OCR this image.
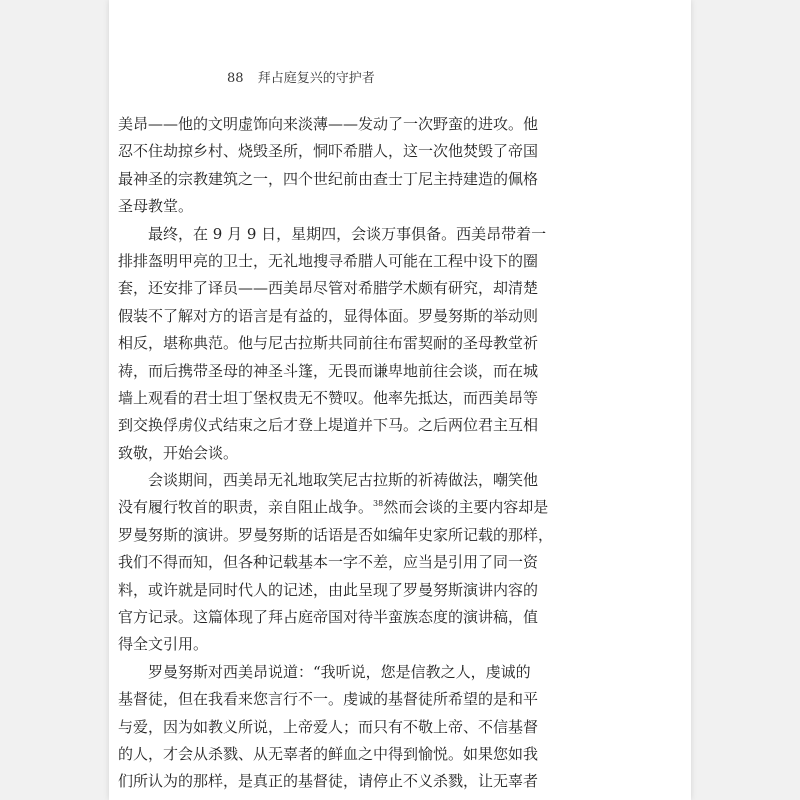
88 拜占庭复兴的守护者

美昂——他的文明虚饰向来淡薄——发动了一次野蛮的进攻。他
忍不住劫掠乡村、烧毁圣所，恫吓希腊人，这一次他焚毁了帝国
最神圣的宗教建筑之一，四个世纪前由查士丁尼主持建造的佩格
圣母教堂。

最终，在 9 月 9 日，星期四，会谈万事俱备。西美昂带着一
排排盔明甲亮的卫士，无礼地搜寻希腊人可能在工程中设下的圈
套，还安排了译员——西美昂尽管对希腊学术颇有研究，却清楚
假装不了解对方的语言是有益的，显得体面。罗曼努斯的举动则
相反，堪称典范。他与尼古拉斯共同前往布雷契耐的圣母教堂祈
祷，而后携带圣母的神圣斗篷，无畏而谦卑地前往会谈，而在城
墙上观看的君士坦丁堡权贵无不赞叹。他率先抵达，而西美昂等
到交换俘虏仪式结束之后才登上堤道并下马。之后两位君主互相
致敬，开始会谈。

会谈期间，西美昂无礼地取笑尼古拉斯的祈祷做法，嘲笑他
没有履行牧首的职责，亲自阻止战争。$^{38}$然而会谈的主要内容却是
罗曼努斯的演讲。罗曼努斯的话语是否如编年史家所记载的那样，
我们不得而知，但各种记载基本一字不差，应当是引用了同一资
料，或许就是同时代人的记述，由此呈现了罗曼努斯演讲内容的
官方记录。这篇体现了拜占庭帝国对待半蛮族态度的演讲稿，值
得全文引用。

罗曼努斯对西美昂说道：“我听说，您是信教之人，虔诚的
基督徒，但在我看来您言行不一。虔诚的基督徒所希望的是和平
与爱，因为如教义所说，上帝爱人；而只有不敬上帝、不信基督
的人，才会从杀戮、从无辜者的鲜血之中得到愉悦。如果您如我
们所认为的那样，是真正的基督徒，请停止不义杀戮，让无辜者
